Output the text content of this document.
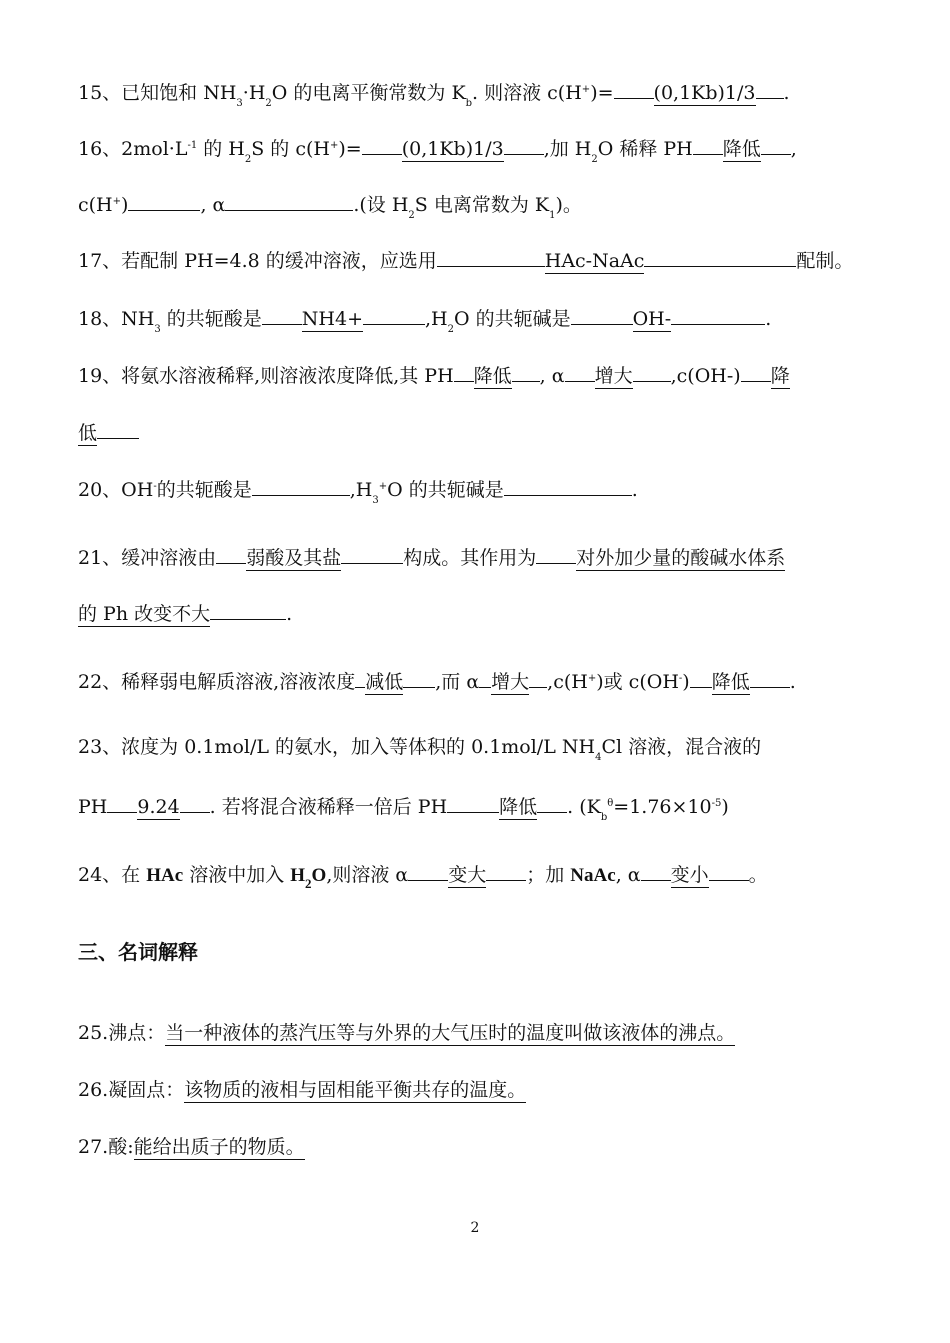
15、已知饱和 $NH_3\cdot H_2O$ 的电离平衡常数为 $K_b$. 则溶液 c(H+)= (0,1Kb)1/3 .
16、$2mol\cdot L^{-1}$ 的 $H_2S$ 的 c(H+)= (0,1Kb)1/3 ,加 $H_2O$ 稀释 PH 降低 ,
c(H+)	, α	.(设 $H_2S$ 电离常数为 $K_1$)。
17、若配制 PH=4.8 的缓冲溶液，应选用	HAc-NaAc	配制。
18、$NH_3$ 的共轭酸是 NH4+	$,H_2O$ 的共轭碱是	OH-	.
19、将氨水溶液稀释,则溶液浓度降低,其 PH 降低 , α 增大 ,c(OH-) 降
低
20、OH-的共轭酸是	$,H_3^+O$ 的共轭碱是	.
21、缓冲溶液由 弱酸及其盐	构成。其作用为 对外加少量的酸碱水体系
的 Ph 改变不大	.
22、稀释弱电解质溶液,溶液浓度 减低 ,而 α 增大 ,c(H+)或 c(OH-) 降低 .
23、浓度为 0.1mol/L 的氨水，加入等体积的 0.1mol/L $NH_4Cl$ 溶液，混合液的
PH 9.24 . 若将混合液稀释一倍后 PH	降低 . $(K_b^\theta=1.76\times 10^{-5})$
24、在 HAc 溶液中加入 $H_2O$,则溶液 α 变大 ；加 NaAc, α 变小 。
三、名词解释
25.沸点：当一种液体的蒸汽压等与外界的大气压时的温度叫做该液体的沸点。
26.凝固点：该物质的液相与固相能平衡共存的温度。
27.酸:能给出质子的物质。
2
